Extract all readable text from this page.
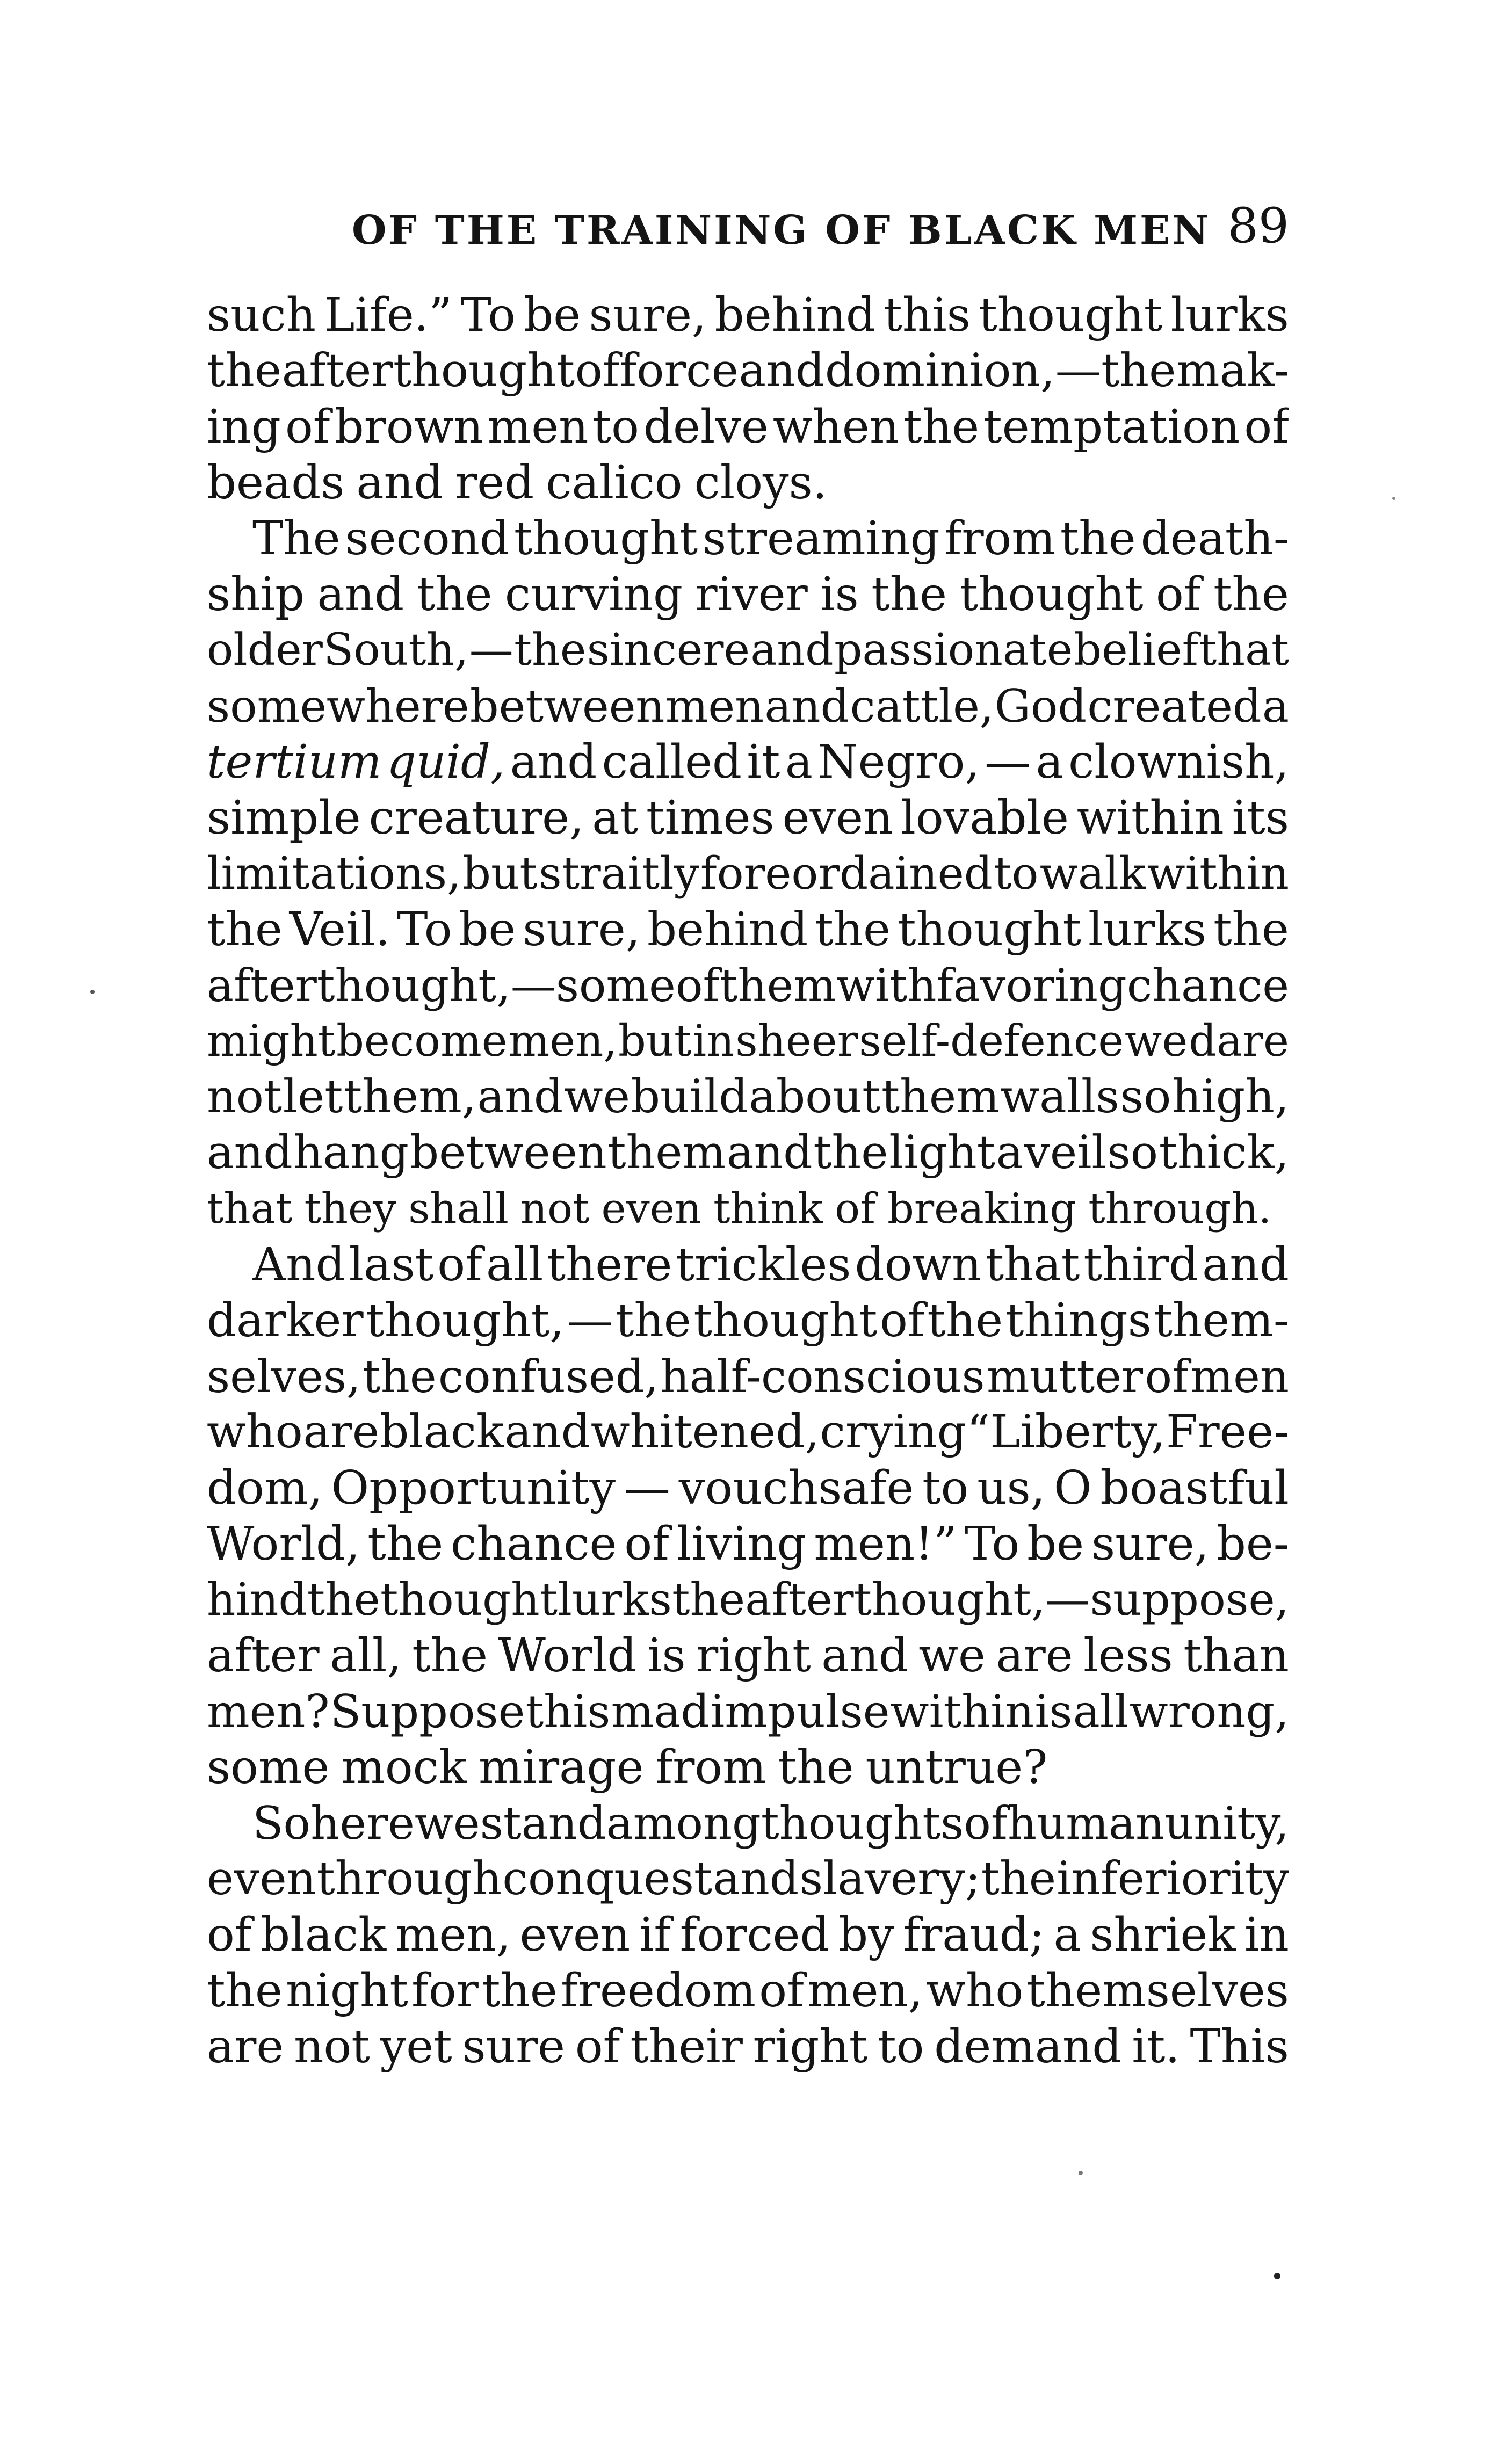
OF THE TRAINING OF BLACK MEN 89
such Life.” To be sure, behind this thought lurks
the afterthought of force and dominion, — the mak-
ing of brown men to delve when the temptation of
beads and red calico cloys.
The second thought streaming from the death-
ship and the curving river is the thought of the
older South, — the sincere and passionate belief that
somewhere between men and cattle, God created a
tertium quid, and called it a Negro, — a clownish,
simple creature, at times even lovable within its
limitations, but straitly foreordained to walk within
the Veil. To be sure, behind the thought lurks the
afterthought, — some of them with favoring chance
might become men, but in sheer self-defence we dare
not let them, and we build about them walls so high,
and hang between them and the light a veil so thick,
that they shall not even think of breaking through.
And last of all there trickles down that third and
darker thought, — the thought of the things them-
selves, the confused, half-conscious mutter of men
who are black and whitened, crying “Liberty, Free-
dom, Opportunity — vouchsafe to us, O boastful
World, the chance of living men!” To be sure, be-
hind the thought lurks the afterthought, — suppose,
after all, the World is right and we are less than
men? Suppose this mad impulse within is all wrong,
some mock mirage from the untrue?
So here we stand among thoughts of human unity,
even through conquest and slavery; the inferiority
of black men, even if forced by fraud; a shriek in
the night for the freedom of men, who themselves
are not yet sure of their right to demand it. This
